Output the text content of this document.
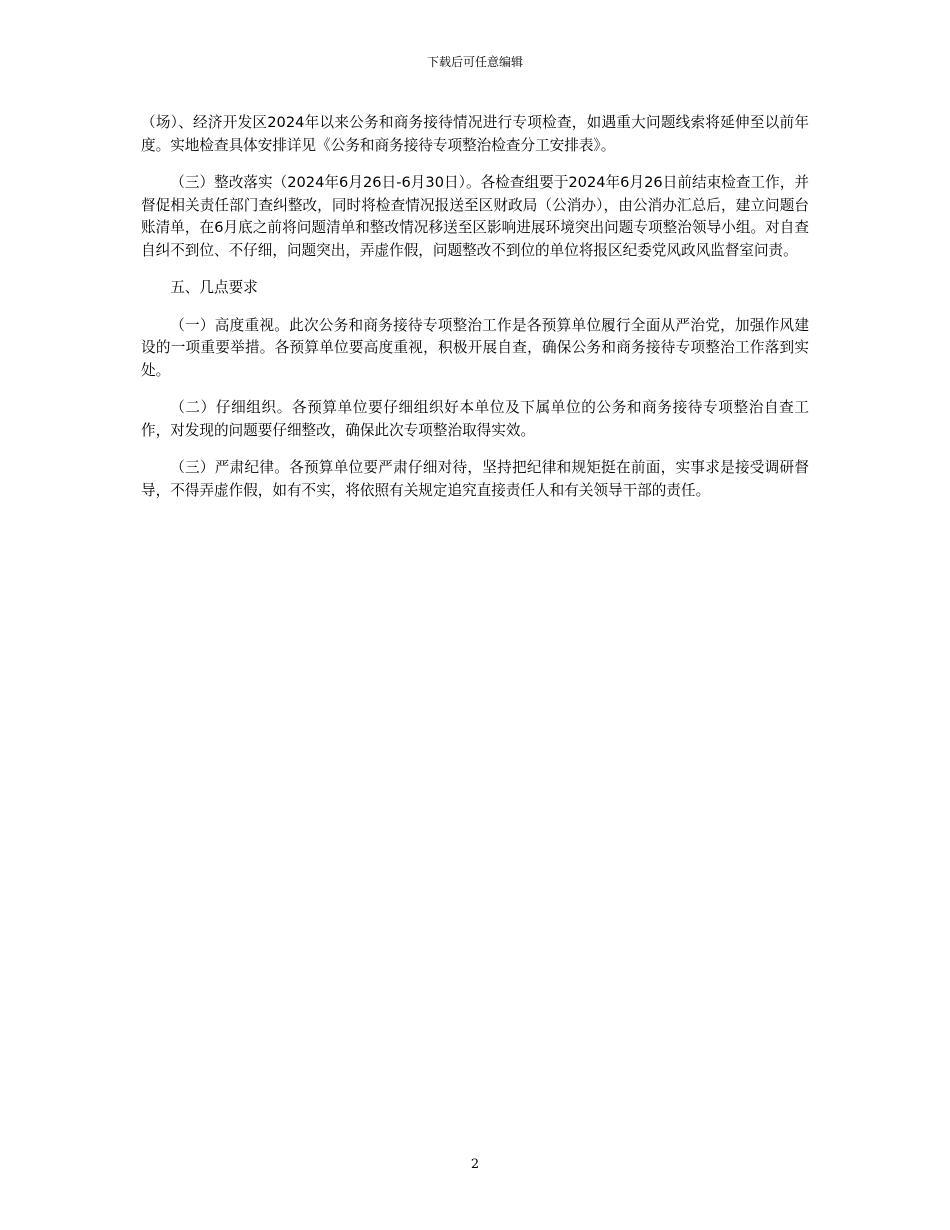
下载后可任意编辑

（场）、经济开发区2024年以来公务和商务接待情况进行专项检查，如遇重大问题线索将延伸至以前年度。实地检查具体安排详见《公务和商务接待专项整治检查分工安排表》。

（三）整改落实（2024年6月26日-6月30日）。各检查组要于2024年6月26日前结束检查工作，并督促相关责任部门查纠整改，同时将检查情况报送至区财政局（公消办），由公消办汇总后，建立问题台账清单，在6月底之前将问题清单和整改情况移送至区影响进展环境突出问题专项整治领导小组。对自查自纠不到位、不仔细，问题突出，弄虚作假，问题整改不到位的单位将报区纪委党风政风监督室问责。

五、几点要求

（一）高度重视。此次公务和商务接待专项整治工作是各预算单位履行全面从严治党，加强作风建设的一项重要举措。各预算单位要高度重视，积极开展自查，确保公务和商务接待专项整治工作落到实处。

（二）仔细组织。各预算单位要仔细组织好本单位及下属单位的公务和商务接待专项整治自查工作，对发现的问题要仔细整改，确保此次专项整治取得实效。

（三）严肃纪律。各预算单位要严肃仔细对待，坚持把纪律和规矩挺在前面，实事求是接受调研督导，不得弄虚作假，如有不实，将依照有关规定追究直接责任人和有关领导干部的责任。

2
